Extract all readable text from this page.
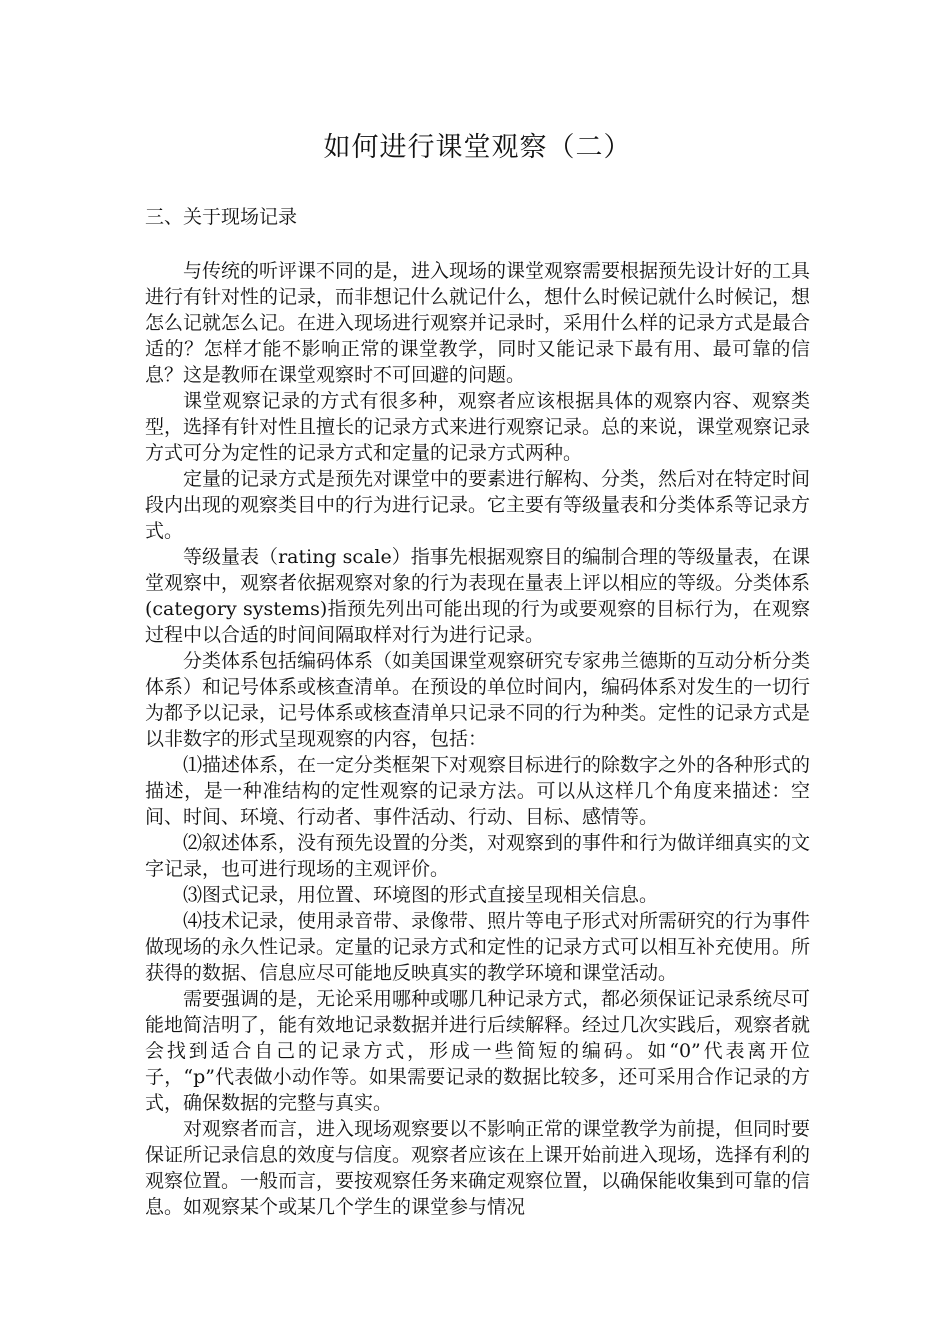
如何进行课堂观察（二）
三、关于现场记录

与传统的听评课不同的是，进入现场的课堂观察需要根据预先设计好的工具进行有针对性的记录，而非想记什么就记什么，想什么时候记就什么时候记，想怎么记就怎么记。在进入现场进行观察并记录时，采用什么样的记录方式是最合适的？怎样才能不影响正常的课堂教学，同时又能记录下最有用、最可靠的信息？这是教师在课堂观察时不可回避的问题。

课堂观察记录的方式有很多种，观察者应该根据具体的观察内容、观察类型，选择有针对性且擅长的记录方式来进行观察记录。总的来说，课堂观察记录方式可分为定性的记录方式和定量的记录方式两种。

定量的记录方式是预先对课堂中的要素进行解构、分类，然后对在特定时间段内出现的观察类目中的行为进行记录。它主要有等级量表和分类体系等记录方式。

等级量表（rating scale）指事先根据观察目的编制合理的等级量表，在课堂观察中，观察者依据观察对象的行为表现在量表上评以相应的等级。分类体系(category systems)指预先列出可能出现的行为或要观察的目标行为，在观察过程中以合适的时间间隔取样对行为进行记录。

分类体系包括编码体系（如美国课堂观察研究专家弗兰德斯的互动分析分类体系）和记号体系或核查清单。在预设的单位时间内，编码体系对发生的一切行为都予以记录，记号体系或核查清单只记录不同的行为种类。定性的记录方式是以非数字的形式呈现观察的内容，包括：

⑴描述体系，在一定分类框架下对观察目标进行的除数字之外的各种形式的描述，是一种准结构的定性观察的记录方法。可以从这样几个角度来描述：空间、时间、环境、行动者、事件活动、行动、目标、感情等。

⑵叙述体系，没有预先设置的分类，对观察到的事件和行为做详细真实的文字记录，也可进行现场的主观评价。

⑶图式记录，用位置、环境图的形式直接呈现相关信息。

⑷技术记录，使用录音带、录像带、照片等电子形式对所需研究的行为事件做现场的永久性记录。定量的记录方式和定性的记录方式可以相互补充使用。所获得的数据、信息应尽可能地反映真实的教学环境和课堂活动。

需要强调的是，无论采用哪种或哪几种记录方式，都必须保证记录系统尽可能地简洁明了，能有效地记录数据并进行后续解释。经过几次实践后，观察者就会找到适合自己的记录方式，形成一些简短的编码。如“0”代表离开位子，“p”代表做小动作等。如果需要记录的数据比较多，还可采用合作记录的方式，确保数据的完整与真实。

对观察者而言，进入现场观察要以不影响正常的课堂教学为前提，但同时要保证所记录信息的效度与信度。观察者应该在上课开始前进入现场，选择有利的观察位置。一般而言，要按观察任务来确定观察位置，以确保能收集到可靠的信息。如观察某个或某几个学生的课堂参与情况
